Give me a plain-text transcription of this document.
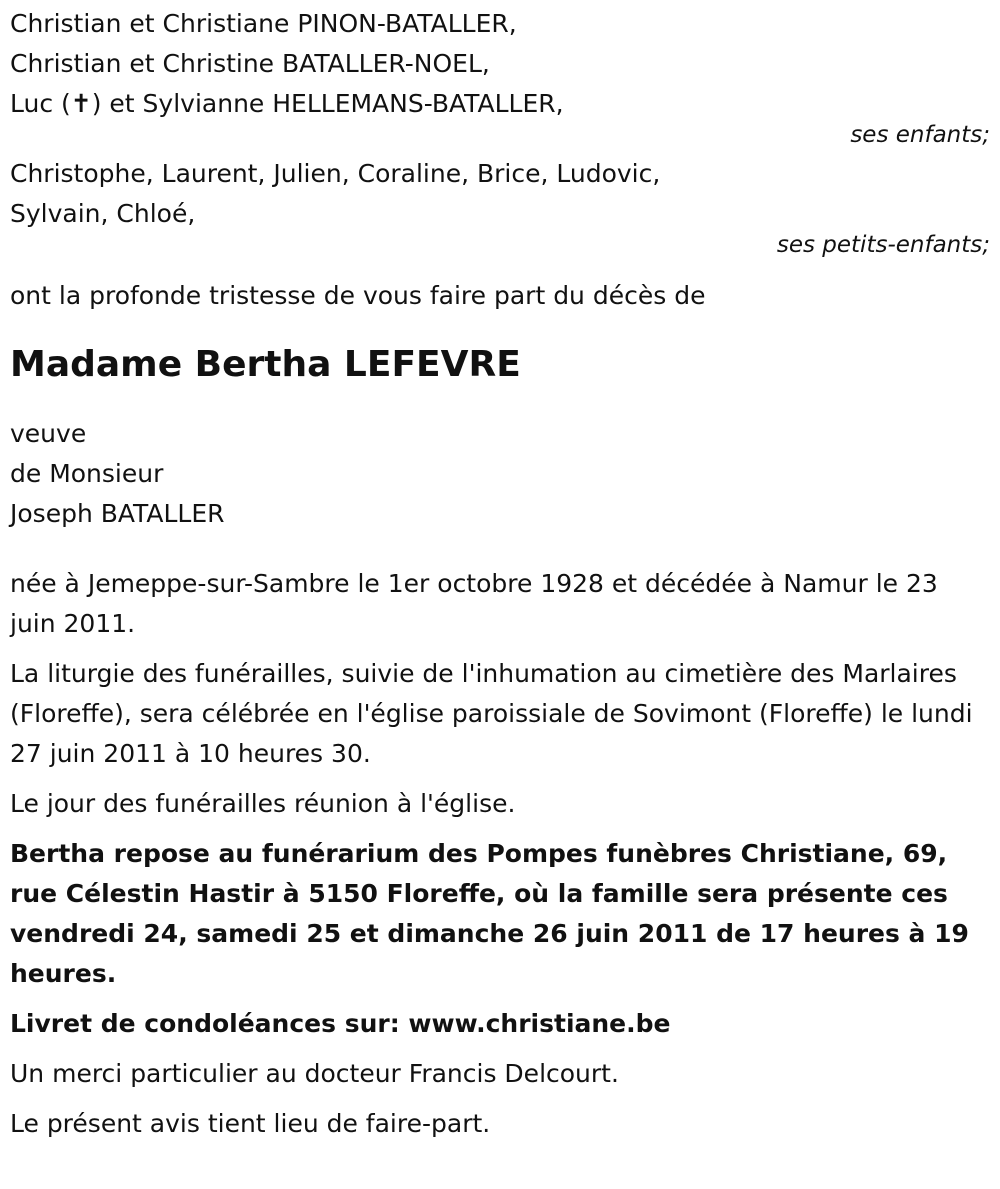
Christian et Christiane PINON-BATALLER,
Christian et Christine BATALLER-NOEL,
Luc (✝) et Sylvianne HELLEMANS-BATALLER,
ses enfants;
Christophe, Laurent, Julien, Coraline, Brice, Ludovic,
Sylvain, Chloé,
ses petits-enfants;
ont la profonde tristesse de vous faire part du décès de
Madame Bertha LEFEVRE
veuve
de Monsieur
Joseph BATALLER

née à Jemeppe-sur-Sambre le 1er octobre 1928 et décédée à Namur le 23 juin 2011.

La liturgie des funérailles, suivie de l'inhumation au cimetière des Marlaires (Floreffe), sera célébrée en l'église paroissiale de Sovimont (Floreffe) le lundi 27 juin 2011 à 10 heures 30.

Le jour des funérailles réunion à l'église.

Bertha repose au funérarium des Pompes funèbres Christiane, 69, rue Célestin Hastir à 5150 Floreffe, où la famille sera présente ces vendredi 24, samedi 25 et dimanche 26 juin 2011 de 17 heures à 19 heures.

Livret de condoléances sur: www.christiane.be

Un merci particulier au docteur Francis Delcourt.

Le présent avis tient lieu de faire-part.
